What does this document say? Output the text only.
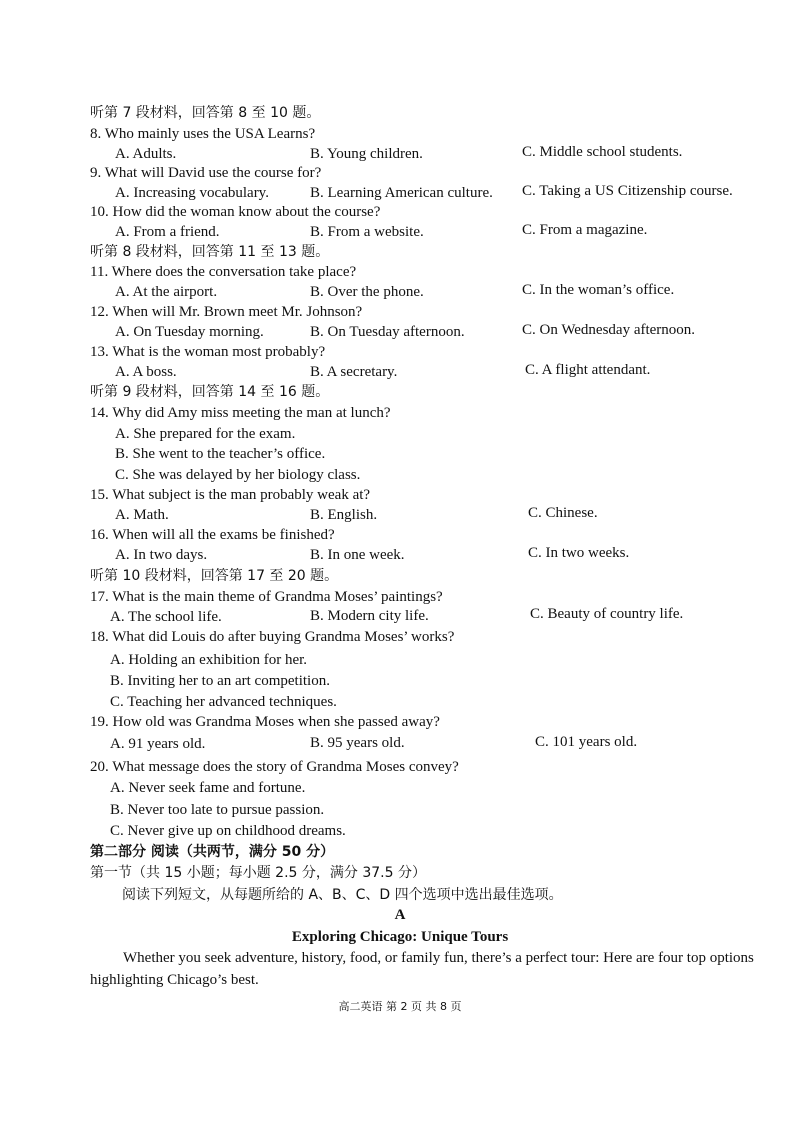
听第 7 段材料，回答第 8 至 10 题。
8. Who mainly uses the USA Learns?
A. Adults.	B. Young children.	C. Middle school students.
9. What will David use the course for?
A. Increasing vocabulary.	B. Learning American culture. C. Taking a US Citizenship course.
10. How did the woman know about the course?
A. From a friend.	B. From a website.	C. From a magazine.
听第 8 段材料，回答第 11 至 13 题。
11. Where does the conversation take place?
A. At the airport.	B. Over the phone.	C. In the woman’s office.
12. When will Mr. Brown meet Mr. Johnson?
A. On Tuesday morning.	B. On Tuesday afternoon.	C. On Wednesday afternoon.
13. What is the woman most probably?
A. A boss.	B. A secretary.	C. A flight attendant.
听第 9 段材料，回答第 14 至 16 题。
14. Why did Amy miss meeting the man at lunch?
A. She prepared for the exam.
B. She went to the teacher’s office.
C. She was delayed by her biology class.
15. What subject is the man probably weak at?
A. Math.	B. English.	C. Chinese.
16. When will all the exams be finished?
A. In two days.	B. In one week.	C. In two weeks.
听第 10 段材料，回答第 17 至 20 题。
17. What is the main theme of Grandma Moses’ paintings?
A. The school life.	B. Modern city life.	C. Beauty of country life.
18. What did Louis do after buying Grandma Moses’ works?
A. Holding an exhibition for her.
B. Inviting her to an art competition.
C. Teaching her advanced techniques.
19. How old was Grandma Moses when she passed away?
A. 91 years old.	B. 95 years old.	C. 101 years old.
20. What message does the story of Grandma Moses convey?
A. Never seek fame and fortune.
B. Never too late to pursue passion.
C. Never give up on childhood dreams.
第二部分 阅读（共两节，满分 50 分）
第一节（共 15 小题；每小题 2.5 分，满分 37.5 分）
阅读下列短文，从每题所给的 A、B、C、D 四个选项中选出最佳选项。
A
Exploring Chicago: Unique Tours
Whether you seek adventure, history, food, or family fun, there’s a perfect tour: Here are four top options highlighting Chicago’s best.
高二英语 第 2 页 共 8 页
